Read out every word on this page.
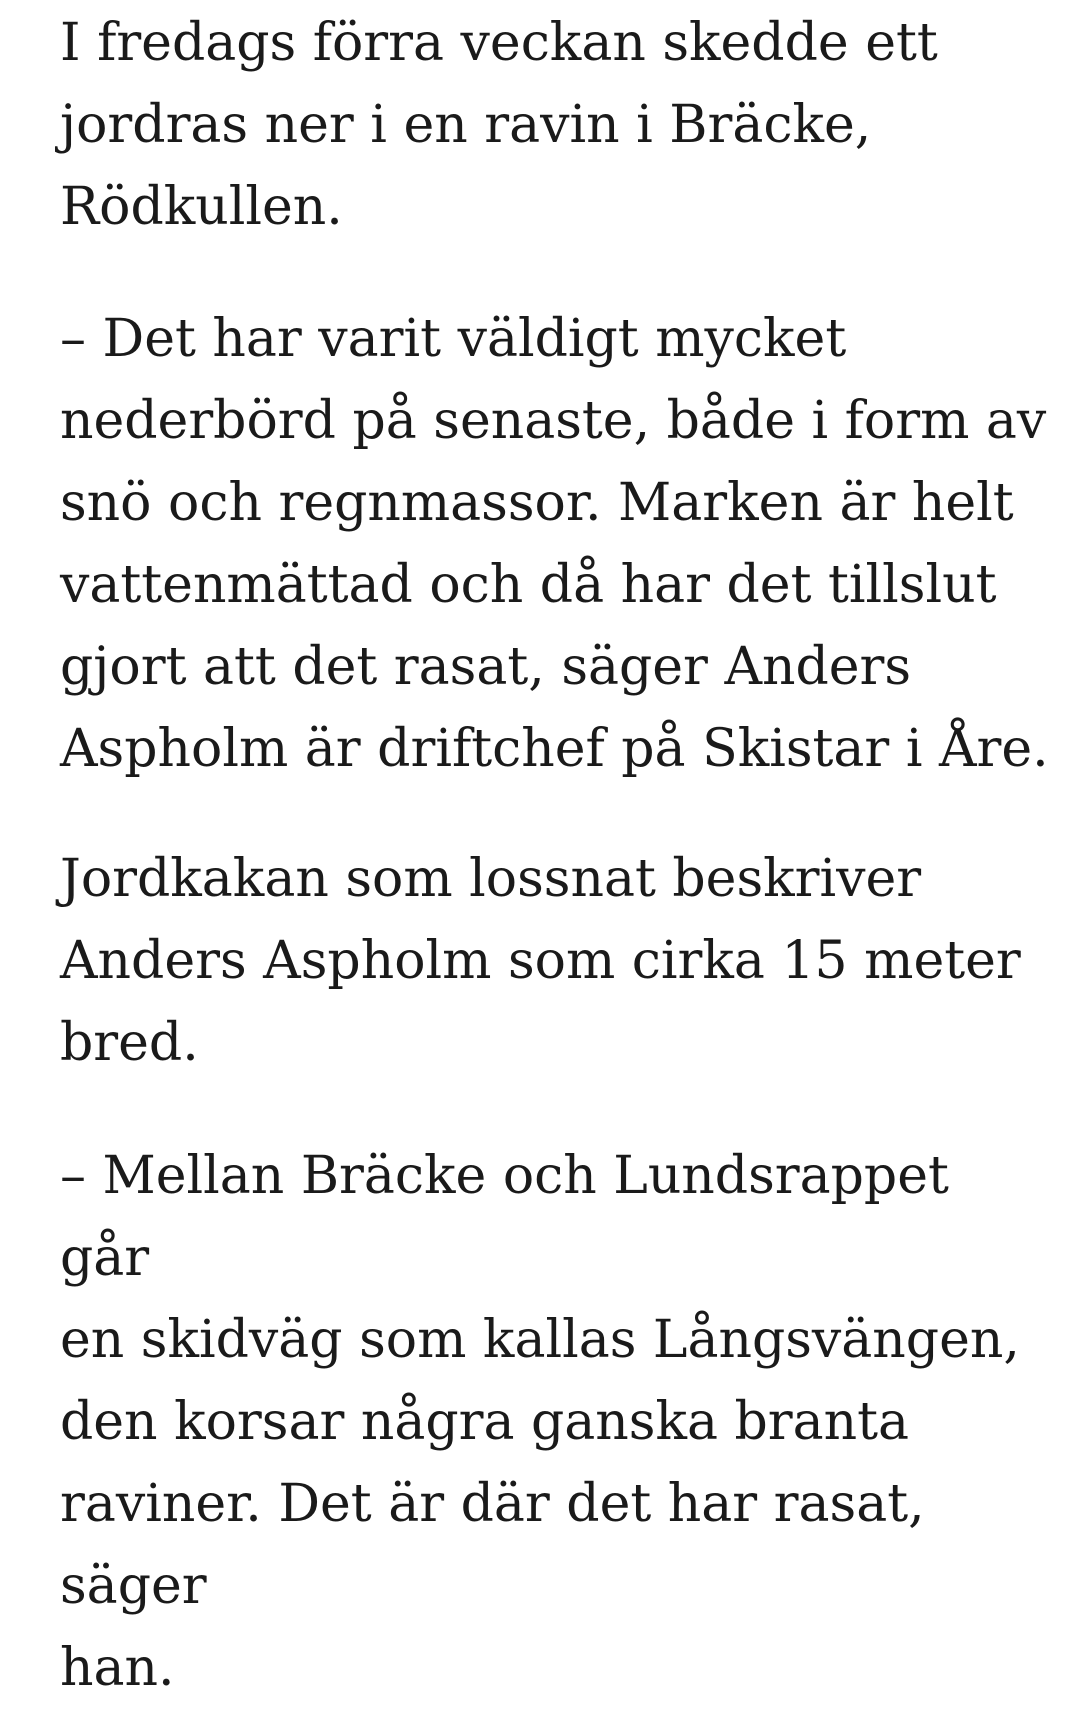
I fredags förra veckan skedde ett
jordras ner i en ravin i Bräcke,
Rödkullen.

– Det har varit väldigt mycket
nederbörd på senaste, både i form av
snö och regnmassor. Marken är helt
vattenmättad och då har det tillslut
gjort att det rasat, säger Anders
Aspholm är driftchef på Skistar i Åre.

Jordkakan som lossnat beskriver
Anders Aspholm som cirka 15 meter
bred.

– Mellan Bräcke och Lundsrappet går
en skidväg som kallas Långsvängen,
den korsar några ganska branta
raviner. Det är där det har rasat, säger
han.
